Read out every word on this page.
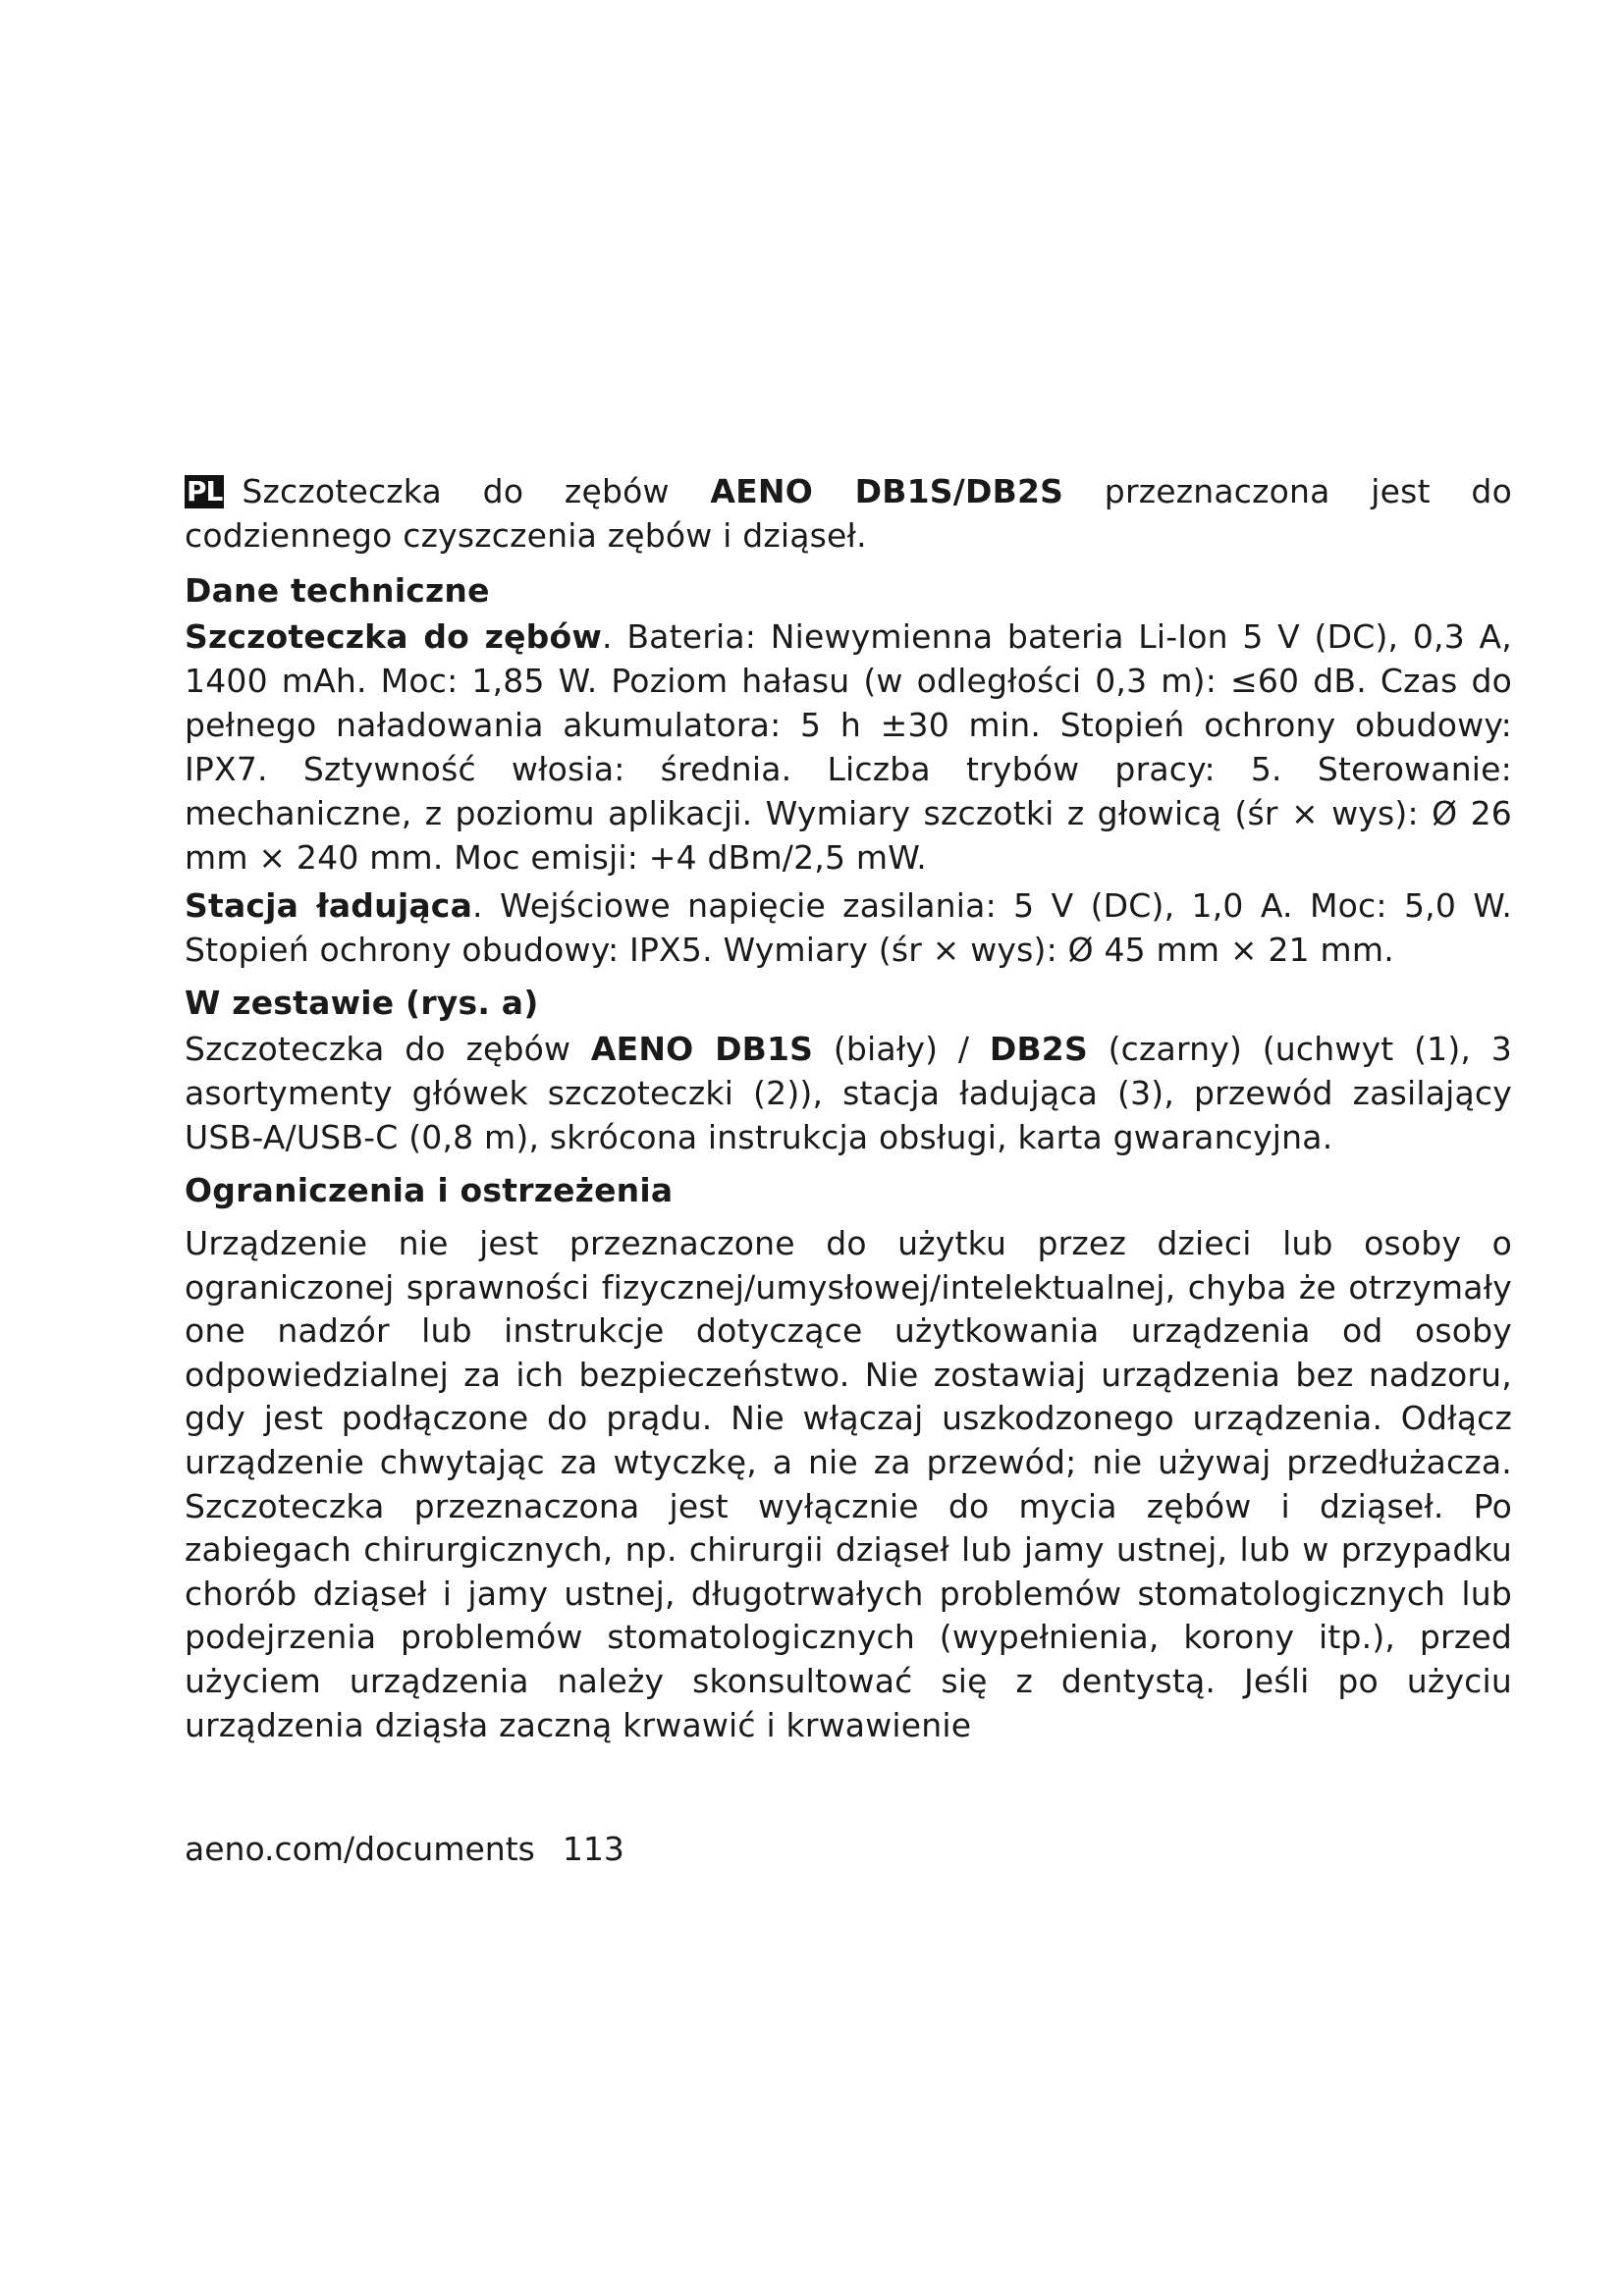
PL Szczoteczka do zębów AENO DB1S/DB2S przeznaczona jest do codziennego czyszczenia zębów i dziąseł.

Dane techniczne

Szczoteczka do zębów. Bateria: Niewymienna bateria Li-Ion 5 V (DC), 0,3 A, 1400 mAh. Moc: 1,85 W. Poziom hałasu (w odległości 0,3 m): ≤60 dB. Czas do pełnego naładowania akumulatora: 5 h ±30 min. Stopień ochrony obudowy: IPX7. Sztywność włosia: średnia. Liczba trybów pracy: 5. Sterowanie: mechaniczne, z poziomu aplikacji. Wymiary szczotki z głowicą (śr × wys): Ø 26 mm × 240 mm. Moc emisji: +4 dBm/2,5 mW.

Stacja ładująca. Wejściowe napięcie zasilania: 5 V (DC), 1,0 A. Moc: 5,0 W. Stopień ochrony obudowy: IPX5. Wymiary (śr × wys): Ø 45 mm × 21 mm.

W zestawie (rys. a)

Szczoteczka do zębów AENO DB1S (biały) / DB2S (czarny) (uchwyt (1), 3 asortymenty główek szczoteczki (2)), stacja ładująca (3), przewód zasilający USB-A/USB-C (0,8 m), skrócona instrukcja obsługi, karta gwarancyjna.

Ograniczenia i ostrzeżenia

Urządzenie nie jest przeznaczone do użytku przez dzieci lub osoby o ograniczonej sprawności fizycznej/umysłowej/intelektualnej, chyba że otrzymały one nadzór lub instrukcje dotyczące użytkowania urządzenia od osoby odpowiedzialnej za ich bezpieczeństwo. Nie zostawiaj urządzenia bez nadzoru, gdy jest podłączone do prądu. Nie włączaj uszkodzonego urządzenia. Odłącz urządzenie chwytając za wtyczkę, a nie za przewód; nie używaj przedłużacza. Szczoteczka przeznaczona jest wyłącznie do mycia zębów i dziąseł. Po zabiegach chirurgicznych, np. chirurgii dziąseł lub jamy ustnej, lub w przypadku chorób dziąseł i jamy ustnej, długotrwałych problemów stomatologicznych lub podejrzenia problemów stomatologicznych (wypełnienia, korony itp.), przed użyciem urządzenia należy skonsultować się z dentystą. Jeśli po użyciu urządzenia dziąsła zaczną krwawić i krwawienie

aeno.com/documents 113
